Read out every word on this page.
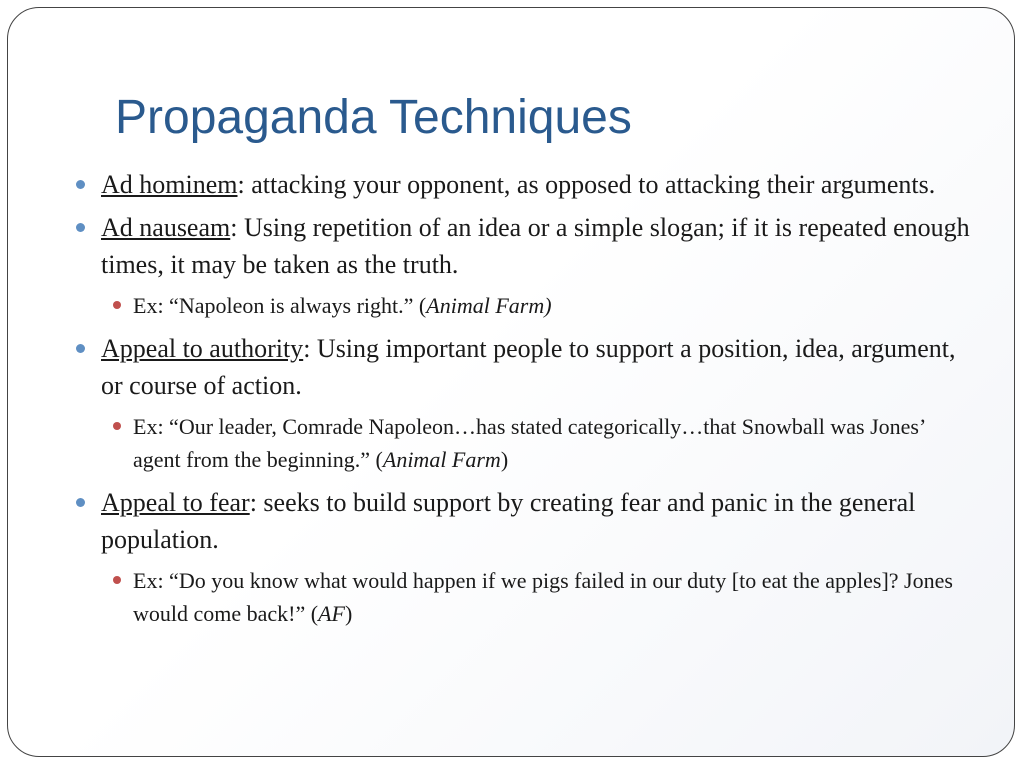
Propaganda Techniques
Ad hominem: attacking your opponent, as opposed to attacking their arguments.
Ad nauseam: Using repetition of an idea or a simple slogan; if it is repeated enough times, it may be taken as the truth.
Ex: “Napoleon is always right.” (Animal Farm)
Appeal to authority: Using important people to support a position, idea, argument, or course of action.
Ex: “Our leader, Comrade Napoleon…has stated categorically…that Snowball was Jones’ agent from the beginning.” (Animal Farm)
Appeal to fear: seeks to build support by creating fear and panic in the general population.
Ex: “Do you know what would happen if we pigs failed in our duty [to eat the apples]? Jones would come back!” (AF)
